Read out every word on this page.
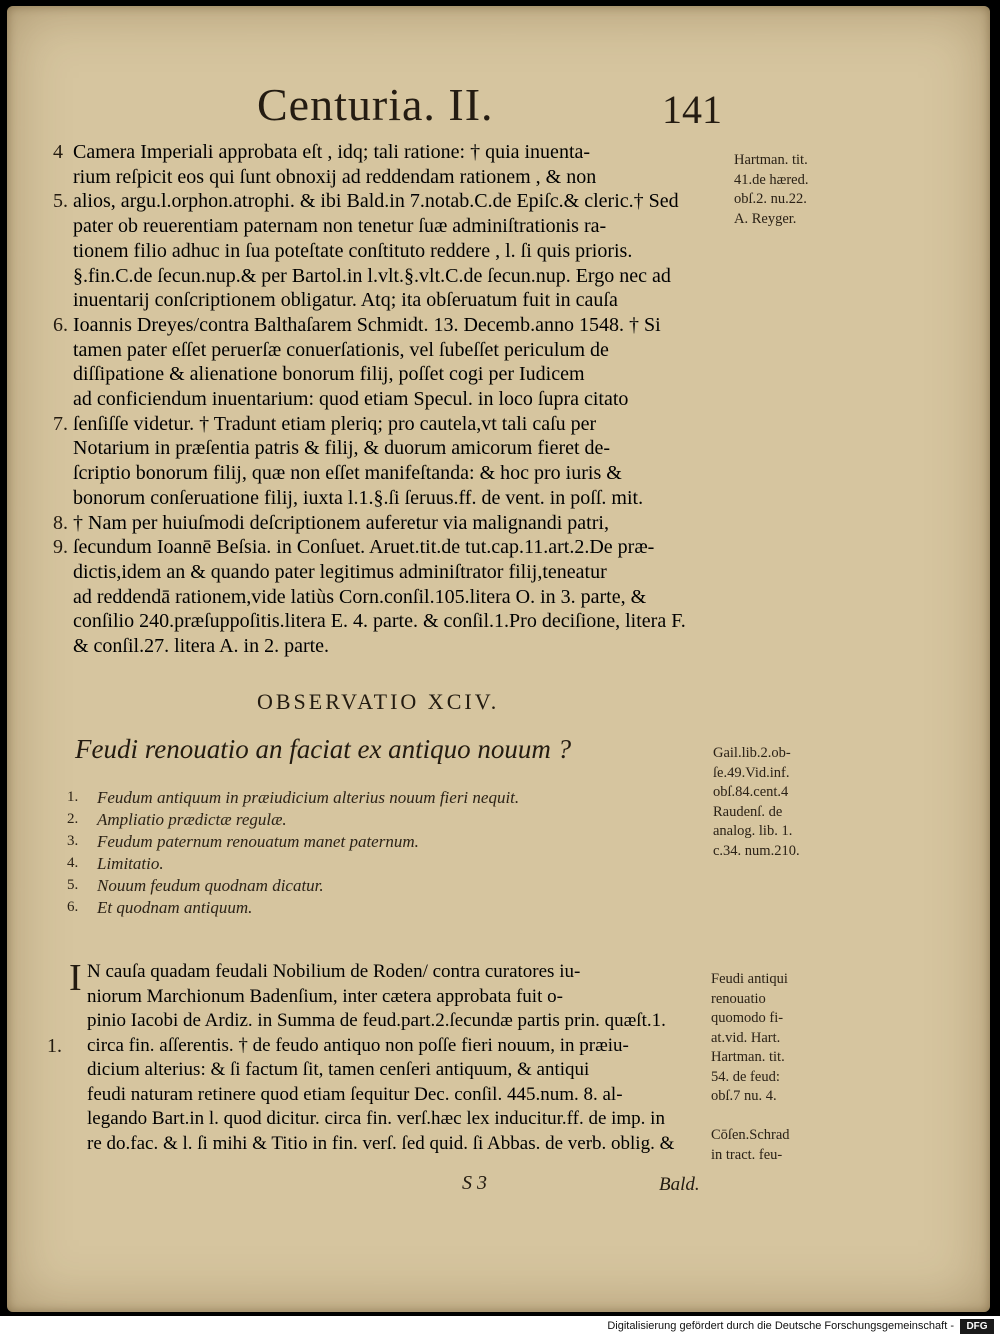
Centuria. II.	141
4 Camera Imperiali approbata eſt , idq; tali ratione: † quia inuenta-
rium reſpicit eos qui ſunt obnoxij ad reddendam rationem , & non
5. alios, argu.l.orphon.atrophi. & ibi Bald.in 7.notab.C.de Epiſc.& cleric.† Sed
pater ob reuerentiam paternam non tenetur ſuæ adminiſtrationis ra-
tionem filio adhuc in ſua poteſtate conſtituto reddere , l. ſi quis prioris.
§.fin.C.de ſecun.nup.& per Bartol.in l.vlt.§.vlt.C.de ſecun.nup. Ergo nec ad
inuentarij conſcriptionem obligatur. Atq; ita obſeruatum fuit in cauſa
6. Ioannis Dreyes/contra Balthaſarem Schmidt. 13. Decemb.anno 1548. † Si
tamen pater eſſet peruerſæ conuerſationis, vel ſubeſſet periculum de
diſſipatione & alienatione bonorum filij, poſſet cogi per Iudicem
ad conficiendum inuentarium: quod etiam Specul. in loco ſupra citato
7. ſenſiſſe videtur. † Tradunt etiam pleriq; pro cautela,vt tali caſu per
Notarium in præſentia patris & filij, & duorum amicorum fieret de-
ſcriptio bonorum filij, quæ non eſſet manifeſtanda: & hoc pro iuris &
bonorum conſeruatione filij, iuxta l.1.§.ſi ſeruus.ff. de vent. in poſſ. mit.
8. † Nam per huiuſmodi deſcriptionem auferetur via malignandi patri,
9. ſecundum Ioannē Beſsia. in Conſuet. Aruet.tit.de tut.cap.11.art.2.De præ-
dictis,idem an & quando pater legitimus adminiſtrator filij,teneatur
ad reddendā rationem,vide latiùs Corn.conſil.105.litera O. in 3. parte, &
conſilio 240.præſuppoſitis.litera E. 4. parte. & conſil.1.Pro deciſione, litera F.
& conſil.27. litera A. in 2. parte.
Hartman. tit.
41.de hæred.
obſ.2. nu.22.
A. Reyger.
OBSERVATIO XCIV.
Feudi renouatio an faciat ex antiquo nouum ?	Gail.lib.2.ob-
ſe.49.Vid.inf.
obſ.84.cent.4
Raudenſ. de
analog. lib. 1.
c.34. num.210.
1. Feudum antiquum in præiudicium alterius nouum fieri nequit.
2. Ampliatio prædictæ regulæ.
3. Feudum paternum renouatum manet paternum.
4. Limitatio.
5. Nouum feudum quodnam dicatur.
6. Et quodnam antiquum.
I N cauſa quadam feudali Nobilium de Roden/ contra curatores iu-
niorum Marchionum Badenſium, inter cætera approbata fuit o-
pinio Iacobi de Ardiz. in Summa de feud.part.2.ſecundæ partis prin. quæſt.1.
1. circa fin. aſſerentis. † de feudo antiquo non poſſe fieri nouum, in præiu-
dicium alterius: & ſi factum ſit, tamen cenſeri antiquum, & antiqui
feudi naturam retinere quod etiam ſequitur Dec. conſil. 445.num. 8. al-
legando Bart.in l. quod dicitur. circa fin. verſ.hæc lex inducitur.ff. de imp. in
re do.fac. & l. ſi mihi & Titio in fin. verſ. ſed quid. ſi Abbas. de verb. oblig. &
Feudi antiqui
renouatio
quomodo fi-
at.vid. Hart.
Hartman. tit.
54. de feud:
obſ.7 nu. 4.
Cōſen.Schrad
in tract. feu-
S 3	Bald.
Digitalisierung gefördert durch die Deutsche Forschungsgemeinschaft -	DFG
